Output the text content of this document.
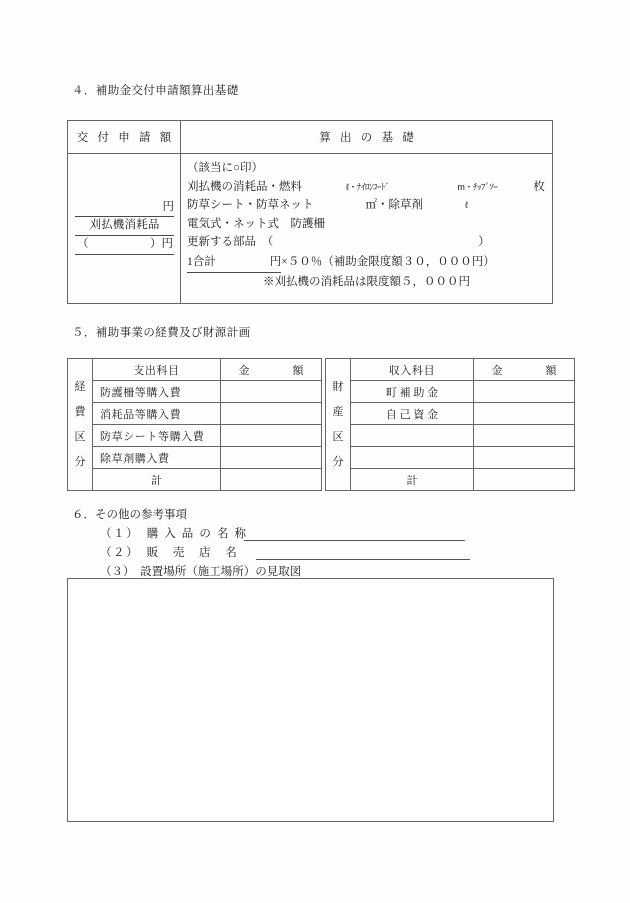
４．補助金交付申請額算出基礎
交 付 申 請 額	算 出 の 基 礎

円
刈払機消耗品
（	）円

（該当に○印）
刈払機の消耗品・燃料	ℓ・ﾅｲﾛﾝｺｰﾄﾞ	m・ﾁｯﾌﾟｿｰ	枚
防草シート・防草ネット	㎡・除草剤	ℓ
電気式・ネット式　防護柵
更新する部品　（	）
1合計	円×５０％（補助金限度額３０，０００円）
※刈払機の消耗品は限度額５，０００円
５．補助事業の経費及び財源計画
経
費
区
分	支出科目	金　　額
	防護柵等購入費	
	消耗品等購入費	
	防草シート等購入費	
	除草剤購入費	
	計	
財
産
区
分	収入科目	金　　額
	町 補 助 金	
	自 己 資 金	

	計	
６．その他の参考事項
（１）　購 入 品 の 名 称
（２）　販　売　店　名
（３）　設置場所（施工場所）の見取図
